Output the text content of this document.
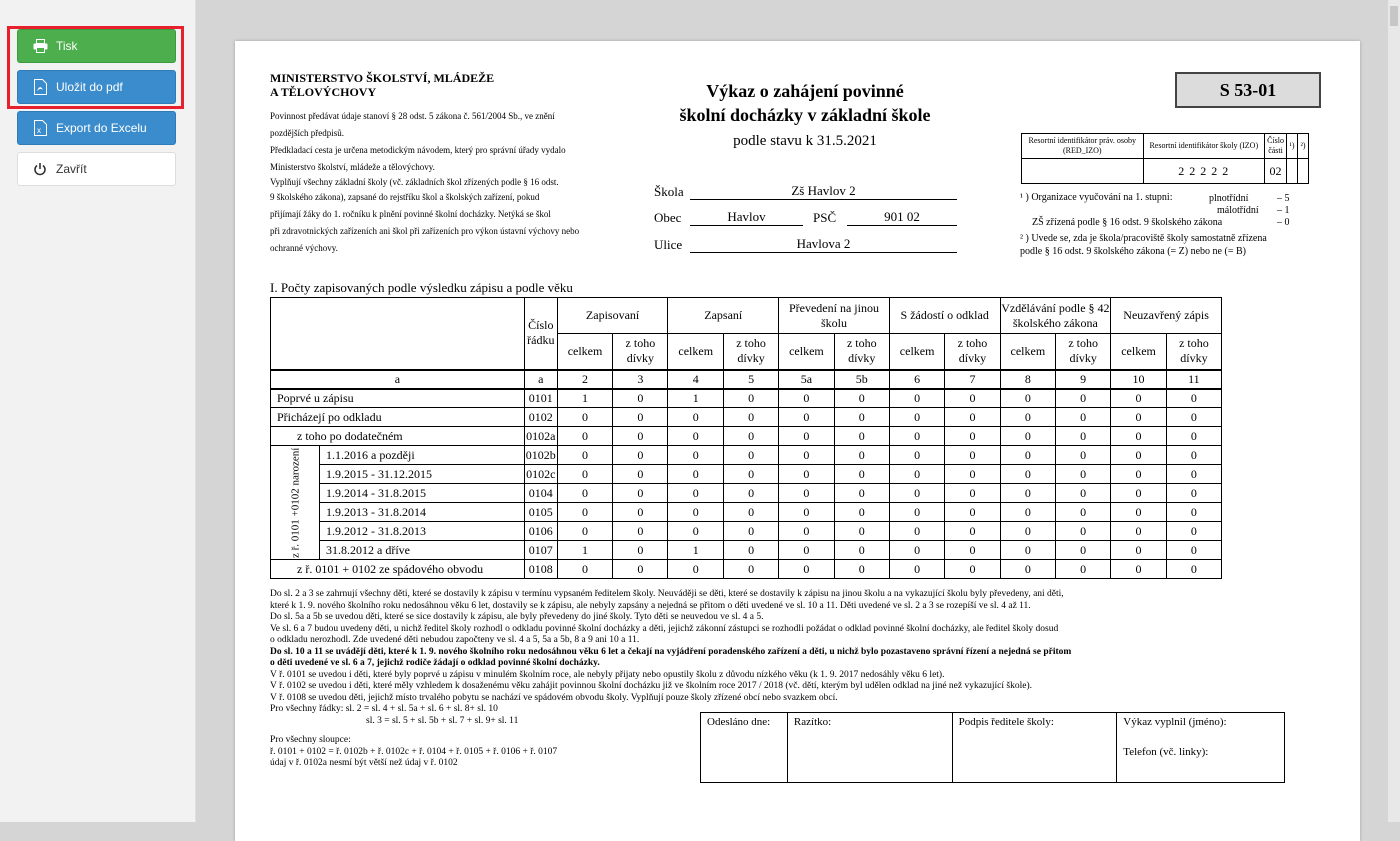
Tisk
Uložit do pdf
x Export do Excelu
Zavřít
MINISTERSTVO ŠKOLSTVÍ, MLÁDEŽE
A TĚLOVÝCHOVY
Povinnost předávat údaje stanoví § 28 odst. 5 zákona č. 561/2004 Sb., ve znění
pozdějších předpisů.
Předkladací cesta je určena metodickým návodem, který pro správní úřady vydalo
Ministerstvo školství, mládeže a tělovýchovy.
Vyplňují všechny základní školy (vč. základních škol zřízených podle § 16 odst.
9 školského zákona), zapsané do rejstříku škol a školských zařízení, pokud
přijímají žáky do 1. ročníku k plnění povinné školní docházky. Netýká se škol
při zdravotnických zařízeních ani škol při zařízeních pro výkon ústavní výchovy nebo
ochranné výchovy.
Výkaz o zahájení povinné
školní docházky v základní škole
podle stavu k 31.5.2021
S 53-01
Škola	Zš Havlov 2
Obec	Havlov	PSČ	901 02
Ulice	Havlova 2
Resortní identifikátor práv. osoby (RED_IZO)	Resortní identifikátor školy (IZO)	Číslo části	¹)	²)
	2 2 2 2 2	02		
¹ ) Organizace vyučování na 1. stupni:	plnotřídní	– 5
málotřídní – 1
ZŠ zřízená podle § 16 odst. 9 školského zákona	– 0
² ) Uvede se, zda je škola/pracoviště školy samostatně zřízena
podle § 16 odst. 9 školského zákona (= Z) nebo ne (= B)
I. Počty zapisovaných podle výsledku zápisu a podle věku
		Číslo řádku	Zapisovaní		Zapsaní		Převedení na jinou školu		S žádostí o odklad		Vzdělávání podle § 42 školského zákona		Neuzavřený zápis	
			celkem	z toho dívky	celkem	z toho dívky	celkem	z toho dívky	celkem	z toho dívky	celkem	z toho dívky	celkem	z toho dívky
a		a	2	3	4	5	5a	5b	6	7	8	9	10	11
Poprvé u zápisu		0101	1	0	1	0	0	0	0	0	0	0	0	0
Přicházejí po odkladu		0102	0	0	0	0	0	0	0	0	0	0	0	0
z toho po dodatečném		0102a	0	0	0	0	0	0	0	0	0	0	0	0
z ř. 0101 +0102 narození	1.1.2016 a později	0102b	0	0	0	0	0	0	0	0	0	0	0	0
	1.9.2015 - 31.12.2015	0102c	0	0	0	0	0	0	0	0	0	0	0	0
	1.9.2014 - 31.8.2015	0104	0	0	0	0	0	0	0	0	0	0	0	0
	1.9.2013 - 31.8.2014	0105	0	0	0	0	0	0	0	0	0	0	0	0
	1.9.2012 - 31.8.2013	0106	0	0	0	0	0	0	0	0	0	0	0	0
	31.8.2012 a dříve	0107	1	0	1	0	0	0	0	0	0	0	0	0
z ř. 0101 + 0102 ze spádového obvodu		0108	0	0	0	0	0	0	0	0	0	0	0	0
Do sl. 2 a 3 se zahrnují všechny děti, které se dostavily k zápisu v termínu vypsaném ředitelem školy. Neuváději se děti, které se dostavily k zápisu na jinou školu a na vykazující školu byly převedeny, ani děti,
které k 1. 9. nového školního roku nedosáhnou věku 6 let, dostavily se k zápisu, ale nebyly zapsány a nejedná se přitom o děti uvedené ve sl. 10 a 11. Děti uvedené ve sl. 2 a 3 se rozepíší ve sl. 4 až 11.
Do sl. 5a a 5b se uvedou děti, které se sice dostavily k zápisu, ale byly převedeny do jiné školy. Tyto děti se neuvedou ve sl. 4 a 5.
Ve sl. 6 a 7 budou uvedeny děti, u nichž ředitel školy rozhodl o odkladu povinné školní docházky a děti, jejichž zákonní zástupci se rozhodli požádat o odklad povinné školní docházky, ale ředitel školy dosud
o odkladu nerozhodl. Zde uvedené děti nebudou započteny ve sl. 4 a 5, 5a a 5b, 8 a 9 ani 10 a 11.
Do sl. 10 a 11 se uvádějí děti, které k 1. 9. nového školního roku nedosáhnou věku 6 let a čekají na vyjádření poradenského zařízení a děti, u nichž bylo pozastaveno správní řízení a nejedná se přitom
o děti uvedené ve sl. 6 a 7, jejichž rodiče žádají o odklad povinné školní docházky.
V ř. 0101 se uvedou i děti, které byly poprvé u zápisu v minulém školním roce, ale nebyly přijaty nebo opustily školu z důvodu nízkého věku (k 1. 9. 2017 nedosáhly věku 6 let).
V ř. 0102 se uvedou i děti, které měly vzhledem k dosaženému věku zahájit povinnou školní docházku již ve školním roce 2017 / 2018 (vč. dětí, kterým byl udělen odklad na jiné než vykazující škole).
V ř. 0108 se uvedou děti, jejichž místo trvalého pobytu se nachází ve spádovém obvodu školy. Vyplňují pouze školy zřízené obcí nebo svazkem obcí.
Pro všechny řádky: sl. 2 = sl. 4 + sl. 5a + sl. 6 + sl. 8+ sl. 10
sl. 3 = sl. 5 + sl. 5b + sl. 7 + sl. 9+ sl. 11
Pro všechny sloupce:
ř. 0101 + 0102 = ř. 0102b + ř. 0102c + ř. 0104 + ř. 0105 + ř. 0106 + ř. 0107
údaj v ř. 0102a nesmí být větší než údaj v ř. 0102
Odesláno dne:	Razítko:	Podpis ředitele školy:	Výkaz vyplnil (jméno):
Telefon (vč. linky):
